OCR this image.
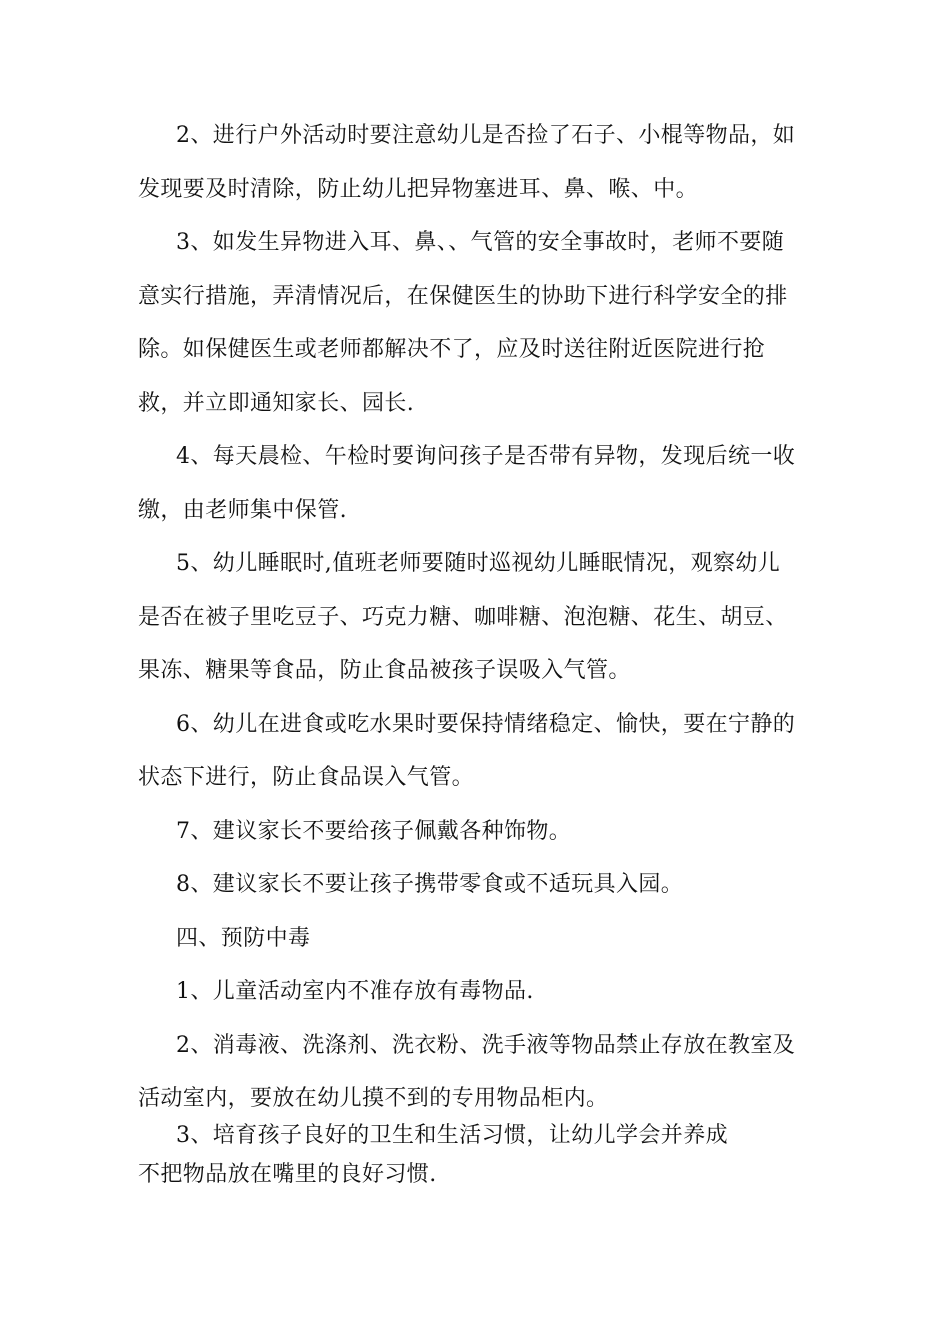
2、进行户外活动时要注意幼儿是否捡了石子、小棍等物品，如
发现要及时清除，防止幼儿把异物塞进耳、鼻、喉、中。
3、如发生异物进入耳、鼻、、气管的安全事故时，老师不要随
意实行措施，弄清情况后，在保健医生的协助下进行科学安全的排
除。如保健医生或老师都解决不了，应及时送往附近医院进行抢
救，并立即通知家长、园长.
4、每天晨检、午检时要询问孩子是否带有异物，发现后统一收
缴，由老师集中保管.
5、幼儿睡眠时,值班老师要随时巡视幼儿睡眠情况，观察幼儿
是否在被子里吃豆子、巧克力糖、咖啡糖、泡泡糖、花生、胡豆、
果冻、糖果等食品，防止食品被孩子误吸入气管。
6、幼儿在进食或吃水果时要保持情绪稳定、愉快，要在宁静的
状态下进行，防止食品误入气管。
7、建议家长不要给孩子佩戴各种饰物。
8、建议家长不要让孩子携带零食或不适玩具入园。
四、预防中毒
1、儿童活动室内不准存放有毒物品.
2、消毒液、洗涤剂、洗衣粉、洗手液等物品禁止存放在教室及
活动室内，要放在幼儿摸不到的专用物品柜内。
3、培育孩子良好的卫生和生活习惯，让幼儿学会并养成
不把物品放在嘴里的良好习惯.
